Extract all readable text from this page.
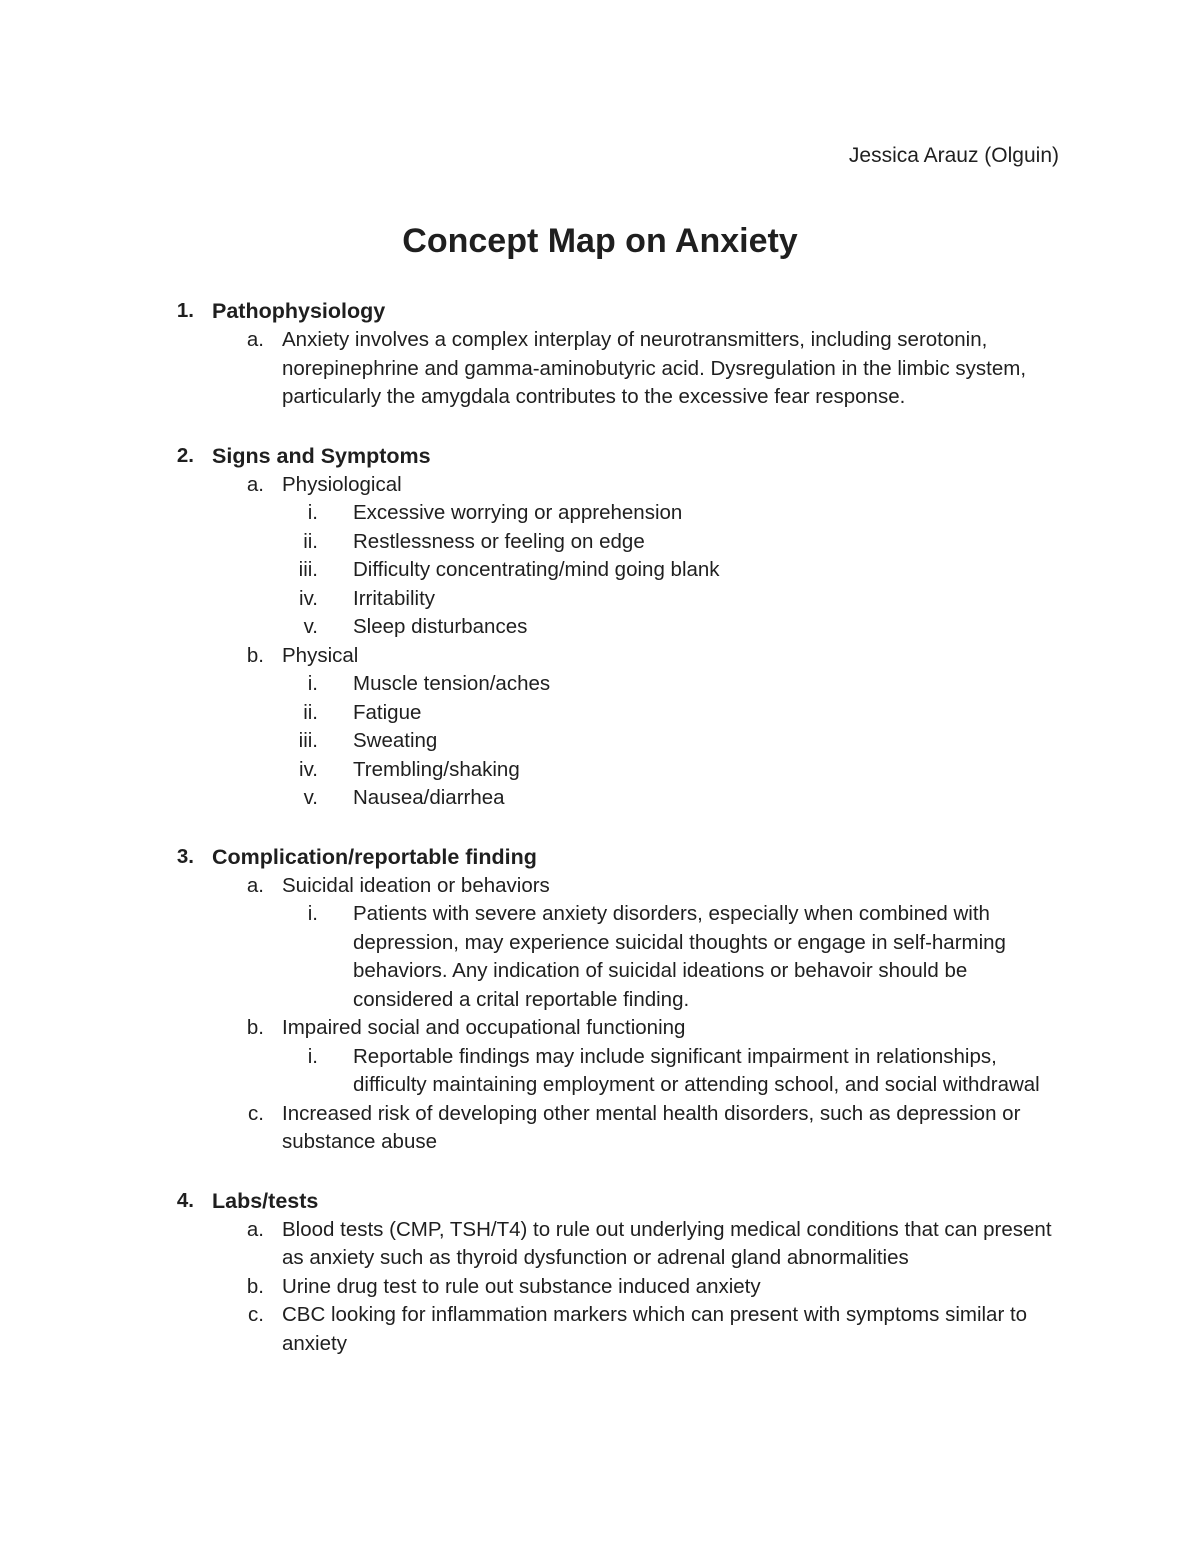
Jessica Arauz (Olguin)
Concept Map on Anxiety
1. Pathophysiology
a. Anxiety involves a complex interplay of neurotransmitters, including serotonin, norepinephrine and gamma-aminobutyric acid. Dysregulation in the limbic system, particularly the amygdala contributes to the excessive fear response.
2. Signs and Symptoms
a. Physiological
i. Excessive worrying or apprehension
ii. Restlessness or feeling on edge
iii. Difficulty concentrating/mind going blank
iv. Irritability
v. Sleep disturbances
b. Physical
i. Muscle tension/aches
ii. Fatigue
iii. Sweating
iv. Trembling/shaking
v. Nausea/diarrhea
3. Complication/reportable finding
a. Suicidal ideation or behaviors
i. Patients with severe anxiety disorders, especially when combined with depression, may experience suicidal thoughts or engage in self-harming behaviors. Any indication of suicidal ideations or behavoir should be considered a crital reportable finding.
b. Impaired social and occupational functioning
i. Reportable findings may include significant impairment in relationships, difficulty maintaining employment or attending school, and social withdrawal
c. Increased risk of developing other mental health disorders, such as depression or substance abuse
4. Labs/tests
a. Blood tests (CMP, TSH/T4) to rule out underlying medical conditions that can present as anxiety such as thyroid dysfunction or adrenal gland abnormalities
b. Urine drug test to rule out substance induced anxiety
c. CBC looking for inflammation markers which can present with symptoms similar to anxiety
